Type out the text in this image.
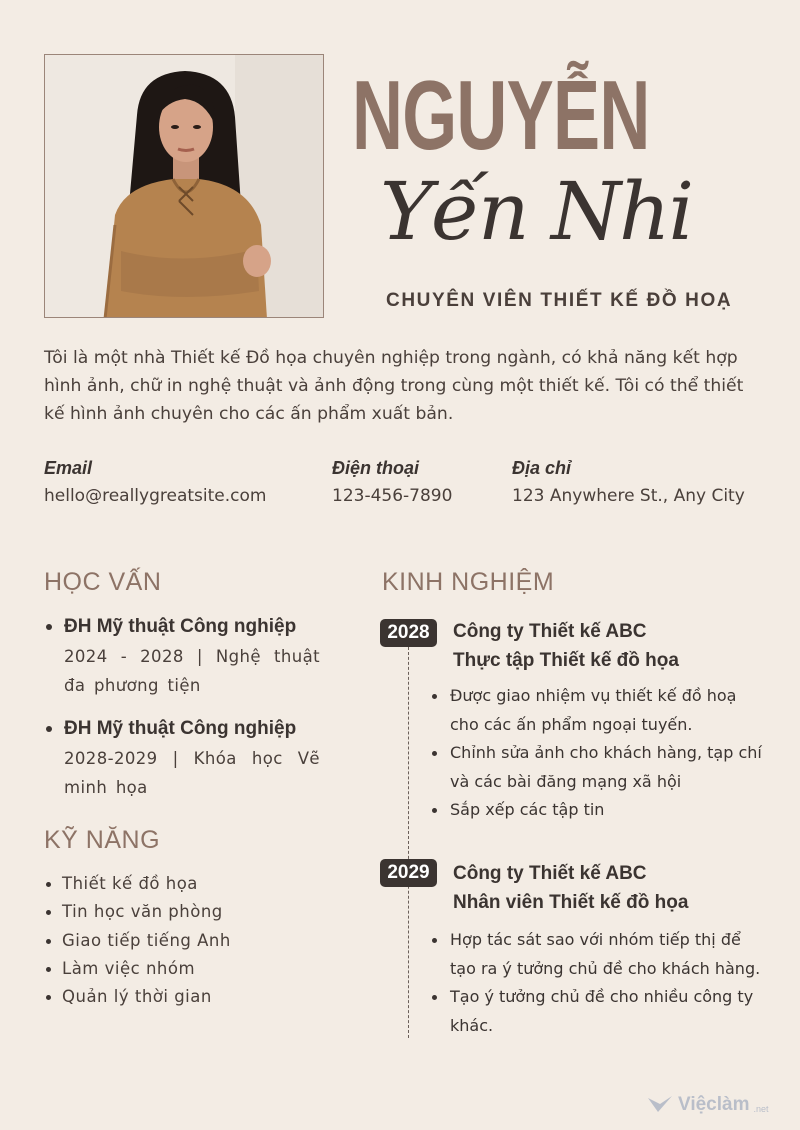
NGUYỄN
Yến Nhi
CHUYÊN VIÊN THIẾT KẾ ĐỒ HOẠ
Tôi là một nhà Thiết kế Đồ họa chuyên nghiệp trong ngành, có khả năng kết hợp hình ảnh, chữ in nghệ thuật và ảnh động trong cùng một thiết kế. Tôi có thể thiết kế hình ảnh chuyên cho các ấn phẩm xuất bản.
Email
hello@reallygreatsite.com
Điện thoại
123-456-7890
Địa chỉ
123 Anywhere St., Any City
HỌC VẤN
ĐH Mỹ thuật Công nghiệp
2024 - 2028 | Nghệ thuật đa phương tiện
ĐH Mỹ thuật Công nghiệp
2028-2029 | Khóa học Vẽ minh họa
KỸ NĂNG
Thiết kế đồ họa
Tin học văn phòng
Giao tiếp tiếng Anh
Làm việc nhóm
Quản lý thời gian
KINH NGHIỆM
2028	Công ty Thiết kế ABC
Thực tập Thiết kế đồ họa
Được giao nhiệm vụ thiết kế đồ hoạ cho các ấn phẩm ngoại tuyến.
Chỉnh sửa ảnh cho khách hàng, tạp chí và các bài đăng mạng xã hội
Sắp xếp các tập tin
2029	Công ty Thiết kế ABC
Nhân viên Thiết kế đồ họa
Hợp tác sát sao với nhóm tiếp thị để tạo ra ý tưởng chủ đề cho khách hàng.
Tạo ý tưởng chủ đề cho nhiều công ty khác.
Việclàm .net
